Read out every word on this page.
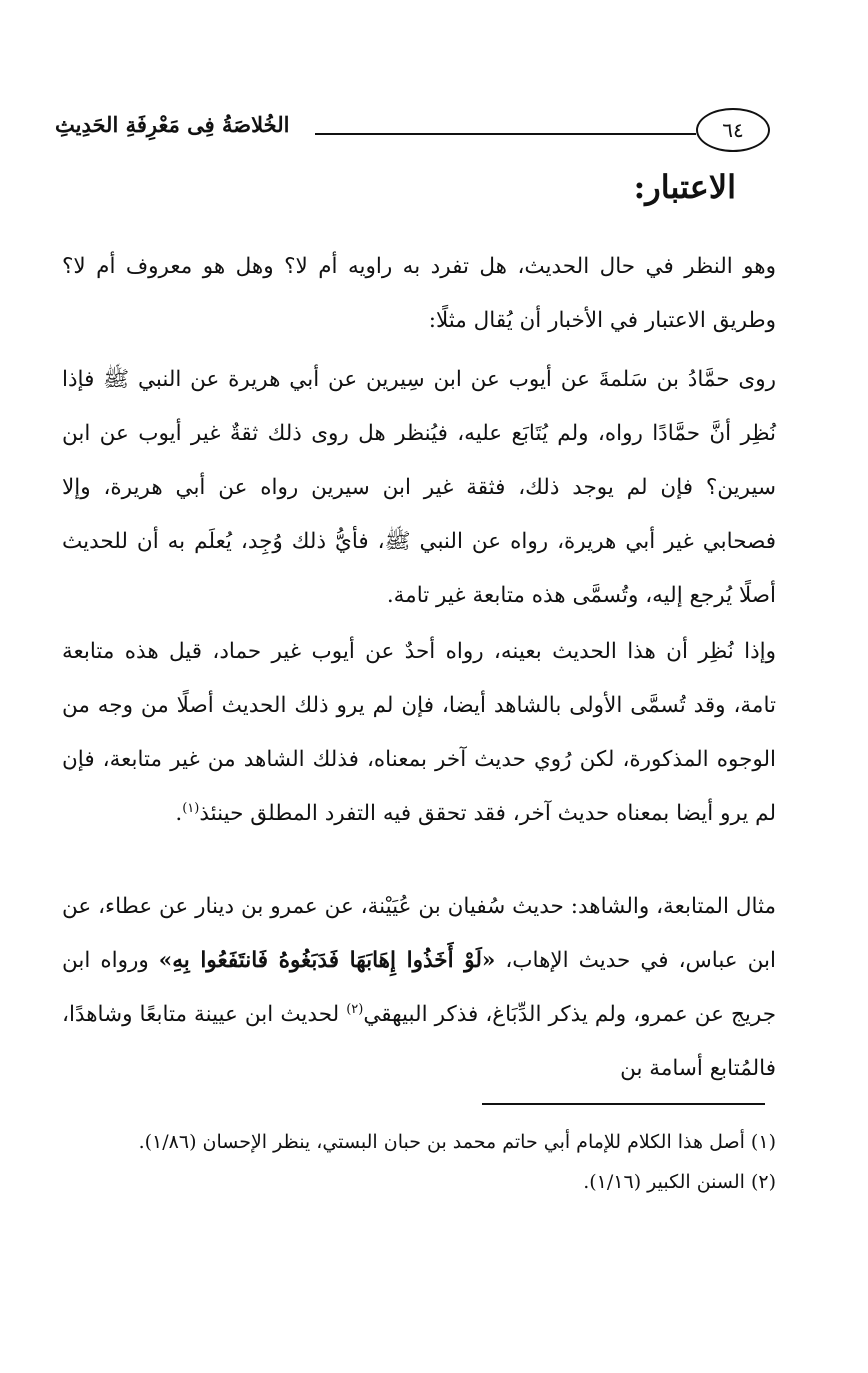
٦٤
الخُلاصَةُ فِى مَعْرِفَةِ الحَدِيثِ
الاعتبار:

وهو النظر في حال الحديث، هل تفرد به راويه أم لا؟ وهل هو معروف أم لا؟ وطريق الاعتبار في الأخبار أن يُقال مثلًا:

روى حمَّادُ بن سَلمةَ عن أيوب عن ابن سِيرين عن أبي هريرة عن النبي ﷺ فإذا نُظِر أنَّ حمَّادًا رواه، ولم يُتَابَع عليه، فيُنظر هل روى ذلك ثقةٌ غير أيوب عن ابن سيرين؟ فإن لم يوجد ذلك، فثقة غير ابن سيرين رواه عن أبي هريرة، وإلا فصحابي غير أبي هريرة، رواه عن النبي ﷺ، فأيُّ ذلك وُجِد، يُعلَم به أن للحديث أصلًا يُرجع إليه، وتُسمَّى هذه متابعة غير تامة.

وإذا نُظِر أن هذا الحديث بعينه، رواه أحدٌ عن أيوب غير حماد، قيل هذه متابعة تامة، وقد تُسمَّى الأولى بالشاهد أيضا، فإن لم يرو ذلك الحديث أصلًا من وجه من الوجوه المذكورة، لكن رُوي حديث آخر بمعناه، فذلك الشاهد من غير متابعة، فإن لم يرو أيضا بمعناه حديث آخر، فقد تحقق فيه التفرد المطلق حينئذ$^{(١)}$.

مثال المتابعة، والشاهد: حديث سُفيان بن عُيَيْنة، عن عمرو بن دينار عن عطاء، عن ابن عباس، في حديث الإهاب، «لَوْ أَخَذُوا إِهَابَهَا فَدَبَغُوهُ فَانتَفَعُوا بِهِ» ورواه ابن جريج عن عمرو، ولم يذكر الدِّبَاغ، فذكر البيهقي$^{(٢)}$ لحديث ابن عيينة متابعًا وشاهدًا، فالمُتابع أسامة بن

(١) أصل هذا الكلام للإمام أبي حاتم محمد بن حبان البستي، ينظر الإحسان (١/٨٦).

(٢) السنن الكبير (١/١٦).
